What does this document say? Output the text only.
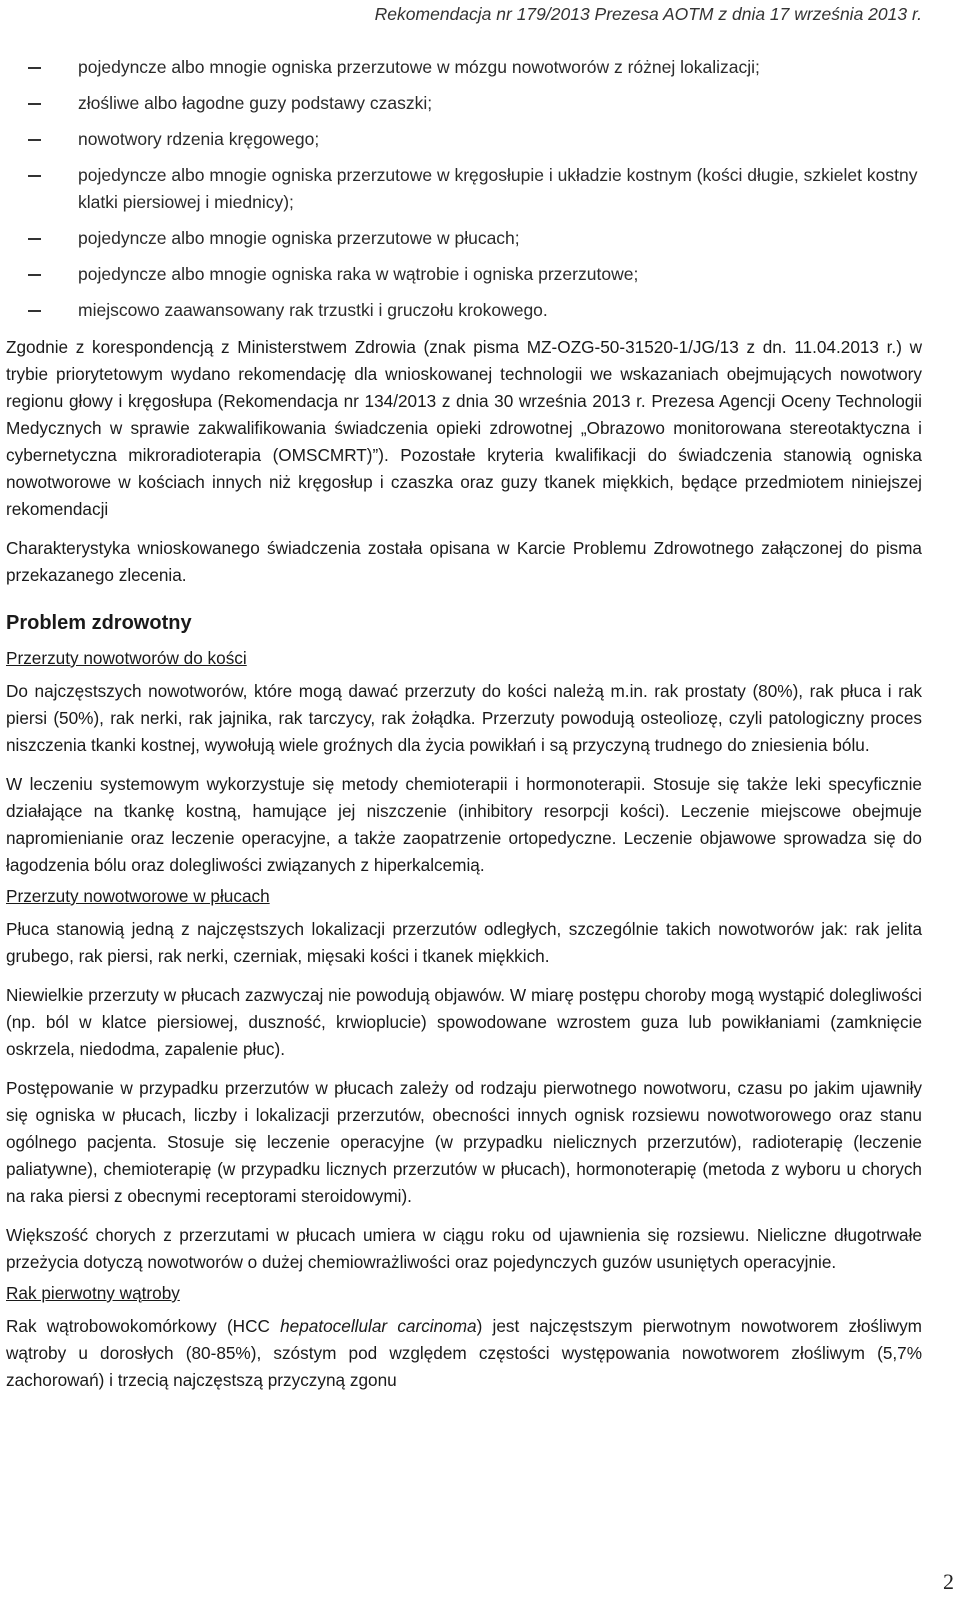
Rekomendacja nr 179/2013 Prezesa AOTM z dnia 17 września 2013 r.
pojedyncze albo mnogie ogniska przerzutowe w mózgu nowotworów z różnej lokalizacji;
złośliwe albo łagodne guzy podstawy czaszki;
nowotwory rdzenia kręgowego;
pojedyncze albo mnogie ogniska przerzutowe w kręgosłupie i układzie kostnym (kości długie, szkielet kostny klatki piersiowej i miednicy);
pojedyncze albo mnogie ogniska przerzutowe w płucach;
pojedyncze albo mnogie ogniska raka w wątrobie i ogniska przerzutowe;
miejscowo zaawansowany rak trzustki i gruczołu krokowego.

Zgodnie z korespondencją z Ministerstwem Zdrowia (znak pisma MZ-OZG-50-31520-1/JG/13 z dn. 11.04.2013 r.) w trybie priorytetowym wydano rekomendację dla wnioskowanej technologii we wskazaniach obejmujących nowotwory regionu głowy i kręgosłupa (Rekomendacja nr 134/2013 z dnia 30 września 2013 r. Prezesa Agencji Oceny Technologii Medycznych w sprawie zakwalifikowania świadczenia opieki zdrowotnej „Obrazowo monitorowana stereotaktyczna i cybernetyczna mikroradioterapia (OMSCMRT)”). Pozostałe kryteria kwalifikacji do świadczenia stanowią ogniska nowotworowe w kościach innych niż kręgosłup i czaszka oraz guzy tkanek miękkich, będące przedmiotem niniejszej rekomendacji

Charakterystyka wnioskowanego świadczenia została opisana w Karcie Problemu Zdrowotnego załączonej do pisma przekazanego zlecenia.

Problem zdrowotny
Przerzuty nowotworów do kości

Do najczęstszych nowotworów, które mogą dawać przerzuty do kości należą m.in. rak prostaty (80%), rak płuca i rak piersi (50%), rak nerki, rak jajnika, rak tarczycy, rak żołądka. Przerzuty powodują osteoliozę, czyli patologiczny proces niszczenia tkanki kostnej, wywołują wiele groźnych dla życia powikłań i są przyczyną trudnego do zniesienia bólu.

W leczeniu systemowym wykorzystuje się metody chemioterapii i hormonoterapii. Stosuje się także leki specyficznie działające na tkankę kostną, hamujące jej niszczenie (inhibitory resorpcji kości). Leczenie miejscowe obejmuje napromienianie oraz leczenie operacyjne, a także zaopatrzenie ortopedyczne. Leczenie objawowe sprowadza się do łagodzenia bólu oraz dolegliwości związanych z hiperkalcemią.

Przerzuty nowotworowe w płucach

Płuca stanowią jedną z najczęstszych lokalizacji przerzutów odległych, szczególnie takich nowotworów jak: rak jelita grubego, rak piersi, rak nerki, czerniak, mięsaki kości i tkanek miękkich.

Niewielkie przerzuty w płucach zazwyczaj nie powodują objawów. W miarę postępu choroby mogą wystąpić dolegliwości (np. ból w klatce piersiowej, duszność, krwioplucie) spowodowane wzrostem guza lub powikłaniami (zamknięcie oskrzela, niedodma, zapalenie płuc).

Postępowanie w przypadku przerzutów w płucach zależy od rodzaju pierwotnego nowotworu, czasu po jakim ujawniły się ogniska w płucach, liczby i lokalizacji przerzutów, obecności innych ognisk rozsiewu nowotworowego oraz stanu ogólnego pacjenta. Stosuje się leczenie operacyjne (w przypadku nielicznych przerzutów), radioterapię (leczenie paliatywne), chemioterapię (w przypadku licznych przerzutów w płucach), hormonoterapię (metoda z wyboru u chorych na raka piersi z obecnymi receptorami steroidowymi).

Większość chorych z przerzutami w płucach umiera w ciągu roku od ujawnienia się rozsiewu. Nieliczne długotrwałe przeżycia dotyczą nowotworów o dużej chemiowrażliwości oraz pojedynczych guzów usuniętych operacyjnie.

Rak pierwotny wątroby

Rak wątrobowokomórkowy (HCC hepatocellular carcinoma) jest najczęstszym pierwotnym nowotworem złośliwym wątroby u dorosłych (80-85%), szóstym pod względem częstości występowania nowotworem złośliwym (5,7% zachorowań) i trzecią najczęstszą przyczyną zgonu

2
